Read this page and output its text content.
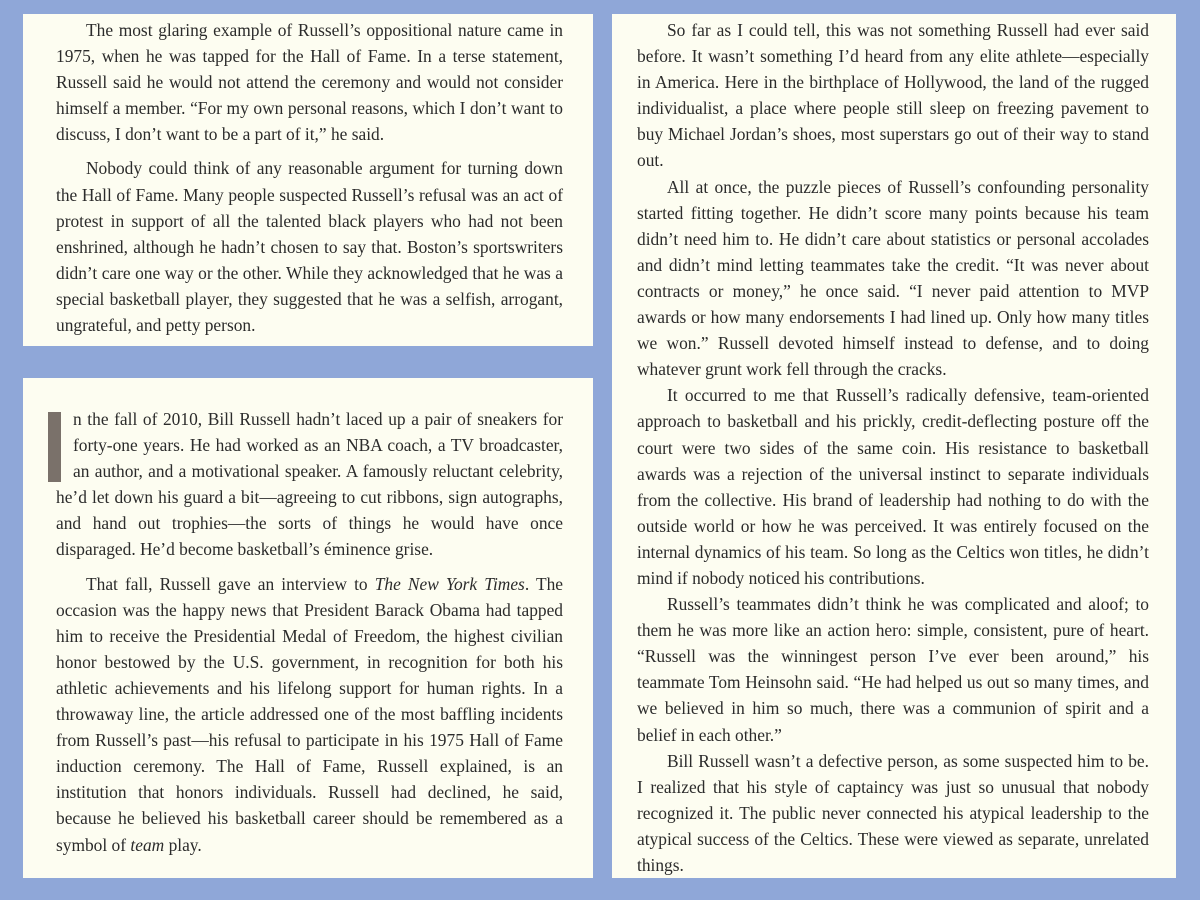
The most glaring example of Russell’s oppositional nature came in 1975, when he was tapped for the Hall of Fame. In a terse statement, Russell said he would not attend the ceremony and would not consider himself a member. “For my own personal reasons, which I don’t want to discuss, I don’t want to be a part of it,” he said.

Nobody could think of any reasonable argument for turning down the Hall of Fame. Many people suspected Russell’s refusal was an act of protest in support of all the talented black players who had not been enshrined, although he hadn’t chosen to say that. Boston’s sportswriters didn’t care one way or the other. While they acknowledged that he was a special basketball player, they suggested that he was a selfish, arrogant, ungrateful, and petty person.

n the fall of 2010, Bill Russell hadn’t laced up a pair of sneakers for forty-one years. He had worked as an NBA coach, a TV broadcaster, an author, and a motivational speaker. A famously reluctant celebrity, he’d let down his guard a bit—agreeing to cut ribbons, sign autographs, and hand out trophies—the sorts of things he would have once disparaged. He’d become basketball’s éminence grise.

That fall, Russell gave an interview to The New York Times. The occasion was the happy news that President Barack Obama had tapped him to receive the Presidential Medal of Freedom, the highest civilian honor bestowed by the U.S. government, in recognition for both his athletic achievements and his lifelong support for human rights. In a throwaway line, the article addressed one of the most baffling incidents from Russell’s past—his refusal to participate in his 1975 Hall of Fame induction ceremony. The Hall of Fame, Russell explained, is an institution that honors individuals. Russell had declined, he said, because he believed his basketball career should be remembered as a symbol of team play.

So far as I could tell, this was not something Russell had ever said before. It wasn’t something I’d heard from any elite athlete—especially in America. Here in the birthplace of Hollywood, the land of the rugged individualist, a place where people still sleep on freezing pavement to buy Michael Jordan’s shoes, most superstars go out of their way to stand out.

All at once, the puzzle pieces of Russell’s confounding personality started fitting together. He didn’t score many points because his team didn’t need him to. He didn’t care about statistics or personal accolades and didn’t mind letting teammates take the credit. “It was never about contracts or money,” he once said. “I never paid attention to MVP awards or how many endorsements I had lined up. Only how many titles we won.” Russell devoted himself instead to defense, and to doing whatever grunt work fell through the cracks.

It occurred to me that Russell’s radically defensive, team-oriented approach to basketball and his prickly, credit-deflecting posture off the court were two sides of the same coin. His resistance to basketball awards was a rejection of the universal instinct to separate individuals from the collective. His brand of leadership had nothing to do with the outside world or how he was perceived. It was entirely focused on the internal dynamics of his team. So long as the Celtics won titles, he didn’t mind if nobody noticed his contributions.

Russell’s teammates didn’t think he was complicated and aloof; to them he was more like an action hero: simple, consistent, pure of heart. “Russell was the winningest person I’ve ever been around,” his teammate Tom Heinsohn said. “He had helped us out so many times, and we believed in him so much, there was a communion of spirit and a belief in each other.”

Bill Russell wasn’t a defective person, as some suspected him to be. I realized that his style of captaincy was just so unusual that nobody recognized it. The public never connected his atypical leadership to the atypical success of the Celtics. These were viewed as separate, unrelated things.
